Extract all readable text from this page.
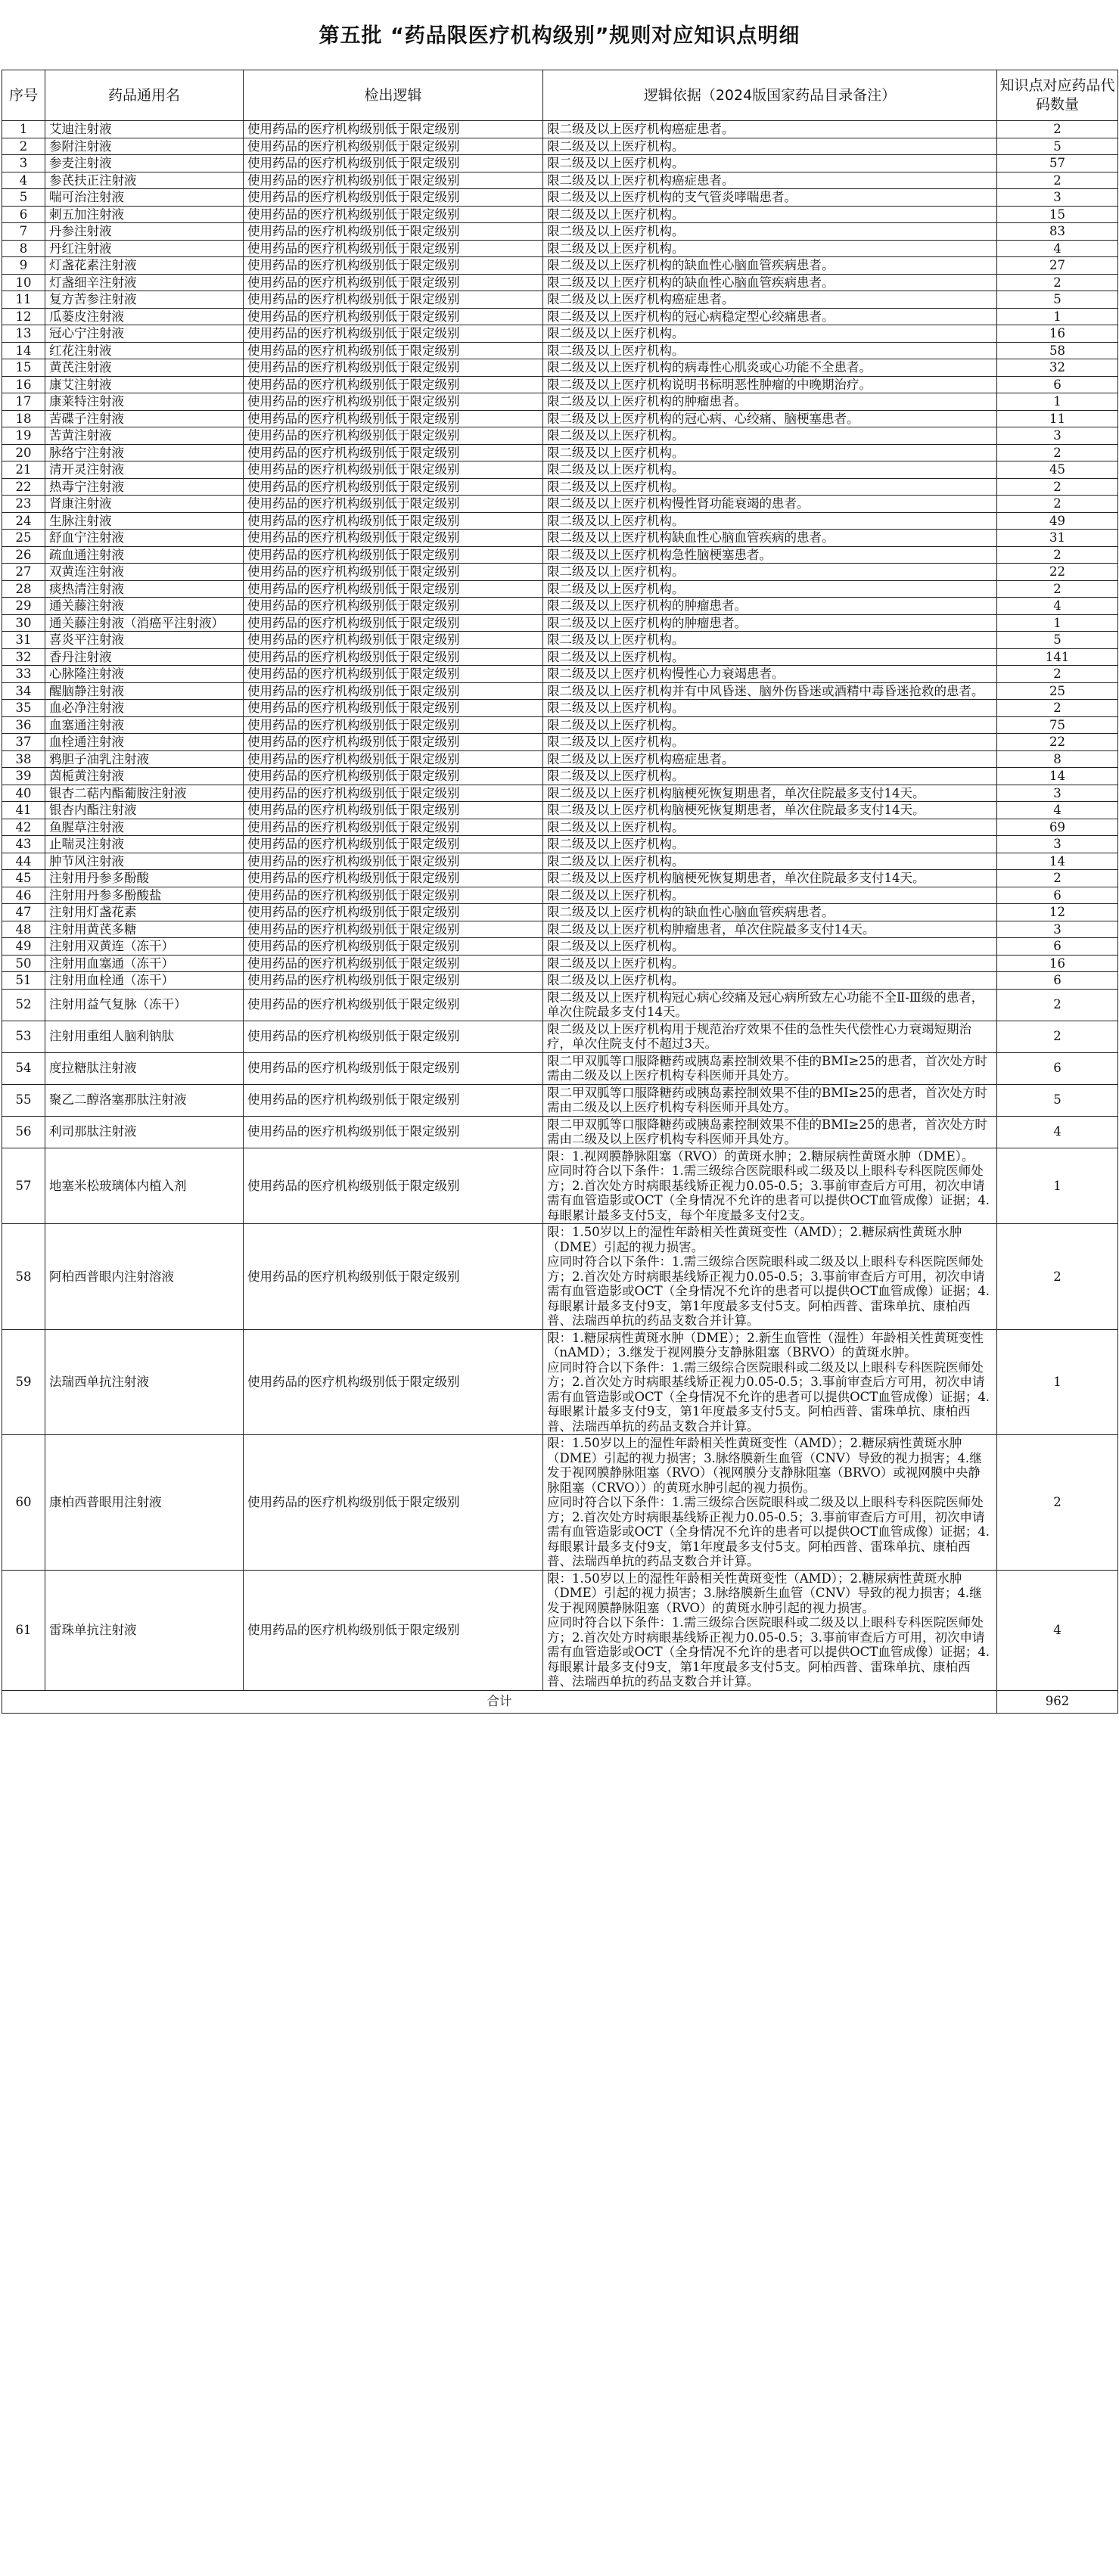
第五批 “药品限医疗机构级别”规则对应知识点明细
序号	药品通用名	检出逻辑	逻辑依据（2024版国家药品目录备注）	知识点对应药品代码数量
1	艾迪注射液	使用药品的医疗机构级别低于限定级别	限二级及以上医疗机构癌症患者。	2
2	参附注射液	使用药品的医疗机构级别低于限定级别	限二级及以上医疗机构。	5
3	参麦注射液	使用药品的医疗机构级别低于限定级别	限二级及以上医疗机构。	57
4	参芪扶正注射液	使用药品的医疗机构级别低于限定级别	限二级及以上医疗机构癌症患者。	2
5	喘可治注射液	使用药品的医疗机构级别低于限定级别	限二级及以上医疗机构的支气管炎哮喘患者。	3
6	刺五加注射液	使用药品的医疗机构级别低于限定级别	限二级及以上医疗机构。	15
7	丹参注射液	使用药品的医疗机构级别低于限定级别	限二级及以上医疗机构。	83
8	丹红注射液	使用药品的医疗机构级别低于限定级别	限二级及以上医疗机构。	4
9	灯盏花素注射液	使用药品的医疗机构级别低于限定级别	限二级及以上医疗机构的缺血性心脑血管疾病患者。	27
10	灯盏细辛注射液	使用药品的医疗机构级别低于限定级别	限二级及以上医疗机构的缺血性心脑血管疾病患者。	2
11	复方苦参注射液	使用药品的医疗机构级别低于限定级别	限二级及以上医疗机构癌症患者。	5
12	瓜蒌皮注射液	使用药品的医疗机构级别低于限定级别	限二级及以上医疗机构的冠心病稳定型心绞痛患者。	1
13	冠心宁注射液	使用药品的医疗机构级别低于限定级别	限二级及以上医疗机构。	16
14	红花注射液	使用药品的医疗机构级别低于限定级别	限二级及以上医疗机构。	58
15	黄芪注射液	使用药品的医疗机构级别低于限定级别	限二级及以上医疗机构的病毒性心肌炎或心功能不全患者。	32
16	康艾注射液	使用药品的医疗机构级别低于限定级别	限二级及以上医疗机构说明书标明恶性肿瘤的中晚期治疗。	6
17	康莱特注射液	使用药品的医疗机构级别低于限定级别	限二级及以上医疗机构的肿瘤患者。	1
18	苦碟子注射液	使用药品的医疗机构级别低于限定级别	限二级及以上医疗机构的冠心病、心绞痛、脑梗塞患者。	11
19	苦黄注射液	使用药品的医疗机构级别低于限定级别	限二级及以上医疗机构。	3
20	脉络宁注射液	使用药品的医疗机构级别低于限定级别	限二级及以上医疗机构。	2
21	清开灵注射液	使用药品的医疗机构级别低于限定级别	限二级及以上医疗机构。	45
22	热毒宁注射液	使用药品的医疗机构级别低于限定级别	限二级及以上医疗机构。	2
23	肾康注射液	使用药品的医疗机构级别低于限定级别	限二级及以上医疗机构慢性肾功能衰竭的患者。	2
24	生脉注射液	使用药品的医疗机构级别低于限定级别	限二级及以上医疗机构。	49
25	舒血宁注射液	使用药品的医疗机构级别低于限定级别	限二级及以上医疗机构缺血性心脑血管疾病的患者。	31
26	疏血通注射液	使用药品的医疗机构级别低于限定级别	限二级及以上医疗机构急性脑梗塞患者。	2
27	双黄连注射液	使用药品的医疗机构级别低于限定级别	限二级及以上医疗机构。	22
28	痰热清注射液	使用药品的医疗机构级别低于限定级别	限二级及以上医疗机构。	2
29	通关藤注射液	使用药品的医疗机构级别低于限定级别	限二级及以上医疗机构的肿瘤患者。	4
30	通关藤注射液（消癌平注射液）	使用药品的医疗机构级别低于限定级别	限二级及以上医疗机构的肿瘤患者。	1
31	喜炎平注射液	使用药品的医疗机构级别低于限定级别	限二级及以上医疗机构。	5
32	香丹注射液	使用药品的医疗机构级别低于限定级别	限二级及以上医疗机构。	141
33	心脉隆注射液	使用药品的医疗机构级别低于限定级别	限二级及以上医疗机构慢性心力衰竭患者。	2
34	醒脑静注射液	使用药品的医疗机构级别低于限定级别	限二级及以上医疗机构并有中风昏迷、脑外伤昏迷或酒精中毒昏迷抢救的患者。	25
35	血必净注射液	使用药品的医疗机构级别低于限定级别	限二级及以上医疗机构。	2
36	血塞通注射液	使用药品的医疗机构级别低于限定级别	限二级及以上医疗机构。	75
37	血栓通注射液	使用药品的医疗机构级别低于限定级别	限二级及以上医疗机构。	22
38	鸦胆子油乳注射液	使用药品的医疗机构级别低于限定级别	限二级及以上医疗机构癌症患者。	8
39	茵栀黄注射液	使用药品的医疗机构级别低于限定级别	限二级及以上医疗机构。	14
40	银杏二萜内酯葡胺注射液	使用药品的医疗机构级别低于限定级别	限二级及以上医疗机构脑梗死恢复期患者，单次住院最多支付14天。	3
41	银杏内酯注射液	使用药品的医疗机构级别低于限定级别	限二级及以上医疗机构脑梗死恢复期患者，单次住院最多支付14天。	4
42	鱼腥草注射液	使用药品的医疗机构级别低于限定级别	限二级及以上医疗机构。	69
43	止喘灵注射液	使用药品的医疗机构级别低于限定级别	限二级及以上医疗机构。	3
44	肿节风注射液	使用药品的医疗机构级别低于限定级别	限二级及以上医疗机构。	14
45	注射用丹参多酚酸	使用药品的医疗机构级别低于限定级别	限二级及以上医疗机构脑梗死恢复期患者，单次住院最多支付14天。	2
46	注射用丹参多酚酸盐	使用药品的医疗机构级别低于限定级别	限二级及以上医疗机构。	6
47	注射用灯盏花素	使用药品的医疗机构级别低于限定级别	限二级及以上医疗机构的缺血性心脑血管疾病患者。	12
48	注射用黄芪多糖	使用药品的医疗机构级别低于限定级别	限二级及以上医疗机构肿瘤患者，单次住院最多支付14天。	3
49	注射用双黄连（冻干）	使用药品的医疗机构级别低于限定级别	限二级及以上医疗机构。	6
50	注射用血塞通（冻干）	使用药品的医疗机构级别低于限定级别	限二级及以上医疗机构。	16
51	注射用血栓通（冻干）	使用药品的医疗机构级别低于限定级别	限二级及以上医疗机构。	6
52	注射用益气复脉（冻干）	使用药品的医疗机构级别低于限定级别	限二级及以上医疗机构冠心病心绞痛及冠心病所致左心功能不全Ⅱ-Ⅲ级的患者，单次住院最多支付14天。	2
53	注射用重组人脑利钠肽	使用药品的医疗机构级别低于限定级别	限二级及以上医疗机构用于规范治疗效果不佳的急性失代偿性心力衰竭短期治疗，单次住院支付不超过3天。	2
54	度拉糖肽注射液	使用药品的医疗机构级别低于限定级别	限二甲双胍等口服降糖药或胰岛素控制效果不佳的BMI≥25的患者，首次处方时需由二级及以上医疗机构专科医师开具处方。	6
55	聚乙二醇洛塞那肽注射液	使用药品的医疗机构级别低于限定级别	限二甲双胍等口服降糖药或胰岛素控制效果不佳的BMI≥25的患者，首次处方时需由二级及以上医疗机构专科医师开具处方。	5
56	利司那肽注射液	使用药品的医疗机构级别低于限定级别	限二甲双胍等口服降糖药或胰岛素控制效果不佳的BMI≥25的患者，首次处方时需由二级及以上医疗机构专科医师开具处方。	4
57	地塞米松玻璃体内植入剂	使用药品的医疗机构级别低于限定级别	限：1.视网膜静脉阻塞（RVO）的黄斑水肿；2.糖尿病性黄斑水肿（DME）。
应同时符合以下条件：1.需三级综合医院眼科或二级及以上眼科专科医院医师处方；2.首次处方时病眼基线矫正视力0.05-0.5；3.事前审查后方可用，初次申请需有血管造影或OCT（全身情况不允许的患者可以提供OCT血管成像）证据；4.每眼累计最多支付5支，每个年度最多支付2支。	1
58	阿柏西普眼内注射溶液	使用药品的医疗机构级别低于限定级别	限：1.50岁以上的湿性年龄相关性黄斑变性（AMD）；2.糖尿病性黄斑水肿（DME）引起的视力损害。
应同时符合以下条件：1.需三级综合医院眼科或二级及以上眼科专科医院医师处方；2.首次处方时病眼基线矫正视力0.05-0.5；3.事前审查后方可用，初次申请需有血管造影或OCT（全身情况不允许的患者可以提供OCT血管成像）证据；4.每眼累计最多支付9支，第1年度最多支付5支。阿柏西普、雷珠单抗、康柏西普、法瑞西单抗的药品支数合并计算。	2
59	法瑞西单抗注射液	使用药品的医疗机构级别低于限定级别	限：1.糖尿病性黄斑水肿（DME）；2.新生血管性（湿性）年龄相关性黄斑变性（nAMD）；3.继发于视网膜分支静脉阻塞（BRVO）的黄斑水肿。
应同时符合以下条件：1.需三级综合医院眼科或二级及以上眼科专科医院医师处方；2.首次处方时病眼基线矫正视力0.05-0.5；3.事前审查后方可用，初次申请需有血管造影或OCT（全身情况不允许的患者可以提供OCT血管成像）证据；4.每眼累计最多支付9支，第1年度最多支付5支。阿柏西普、雷珠单抗、康柏西普、法瑞西单抗的药品支数合并计算。	1
60	康柏西普眼用注射液	使用药品的医疗机构级别低于限定级别	限：1.50岁以上的湿性年龄相关性黄斑变性（AMD）；2.糖尿病性黄斑水肿（DME）引起的视力损害；3.脉络膜新生血管（CNV）导致的视力损害；4.继发于视网膜静脉阻塞（RVO）（视网膜分支静脉阻塞（BRVO）或视网膜中央静脉阻塞（CRVO））的黄斑水肿引起的视力损伤。
应同时符合以下条件：1.需三级综合医院眼科或二级及以上眼科专科医院医师处方；2.首次处方时病眼基线矫正视力0.05-0.5；3.事前审查后方可用，初次申请需有血管造影或OCT（全身情况不允许的患者可以提供OCT血管成像）证据；4.每眼累计最多支付9支，第1年度最多支付5支。阿柏西普、雷珠单抗、康柏西普、法瑞西单抗的药品支数合并计算。	2
61	雷珠单抗注射液	使用药品的医疗机构级别低于限定级别	限：1.50岁以上的湿性年龄相关性黄斑变性（AMD）；2.糖尿病性黄斑水肿（DME）引起的视力损害；3.脉络膜新生血管（CNV）导致的视力损害；4.继发于视网膜静脉阻塞（RVO）的黄斑水肿引起的视力损害。
应同时符合以下条件：1.需三级综合医院眼科或二级及以上眼科专科医院医师处方；2.首次处方时病眼基线矫正视力0.05-0.5；3.事前审查后方可用，初次申请需有血管造影或OCT（全身情况不允许的患者可以提供OCT血管成像）证据；4.每眼累计最多支付9支，第1年度最多支付5支。阿柏西普、雷珠单抗、康柏西普、法瑞西单抗的药品支数合并计算。	4
合计				962
